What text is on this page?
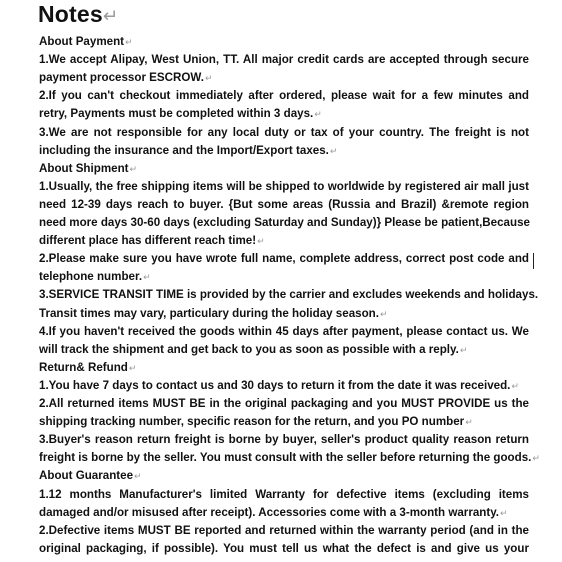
Notes↵
About Payment↵
1.We accept Alipay, West Union, TT. All major credit cards are accepted through secure
payment processor ESCROW.↵
2.If you can't checkout immediately after ordered, please wait for a few minutes and
retry, Payments must be completed within 3 days.↵
3.We are not responsible for any local duty or tax of your country. The freight is not
including the insurance and the Import/Export taxes.↵
About Shipment↵
1.Usually, the free shipping items will be shipped to worldwide by registered air mall just
need 12-39 days reach to buyer. {But some areas (Russia and Brazil) &remote region
need more days 30-60 days (excluding Saturday and Sunday)} Please be patient,Because
different place has different reach time!↵
2.Please make sure you have wrote full name, complete address, correct post code and
telephone number.↵
3.SERVICE TRANSIT TIME is provided by the carrier and excludes weekends and holidays.
Transit times may vary, particulary during the holiday season.↵
4.If you haven't received the goods within 45 days after payment, please contact us. We
will track the shipment and get back to you as soon as possible with a reply.↵
Return& Refund↵
1.You have 7 days to contact us and 30 days to return it from the date it was received.↵
2.All returned items MUST BE in the original packaging and you MUST PROVIDE us the
shipping tracking number, specific reason for the return, and you PO number↵
3.Buyer's reason return freight is borne by buyer, seller's product quality reason return
freight is borne by the seller. You must consult with the seller before returning the goods.↵
About Guarantee↵
1.12 months Manufacturer's limited Warranty for defective items (excluding items
damaged and/or misused after receipt). Accessories come with a 3-month warranty.↵
2.Defective items MUST BE reported and returned within the warranty period (and in the
original packaging, if possible). You must tell us what the defect is and give us your
